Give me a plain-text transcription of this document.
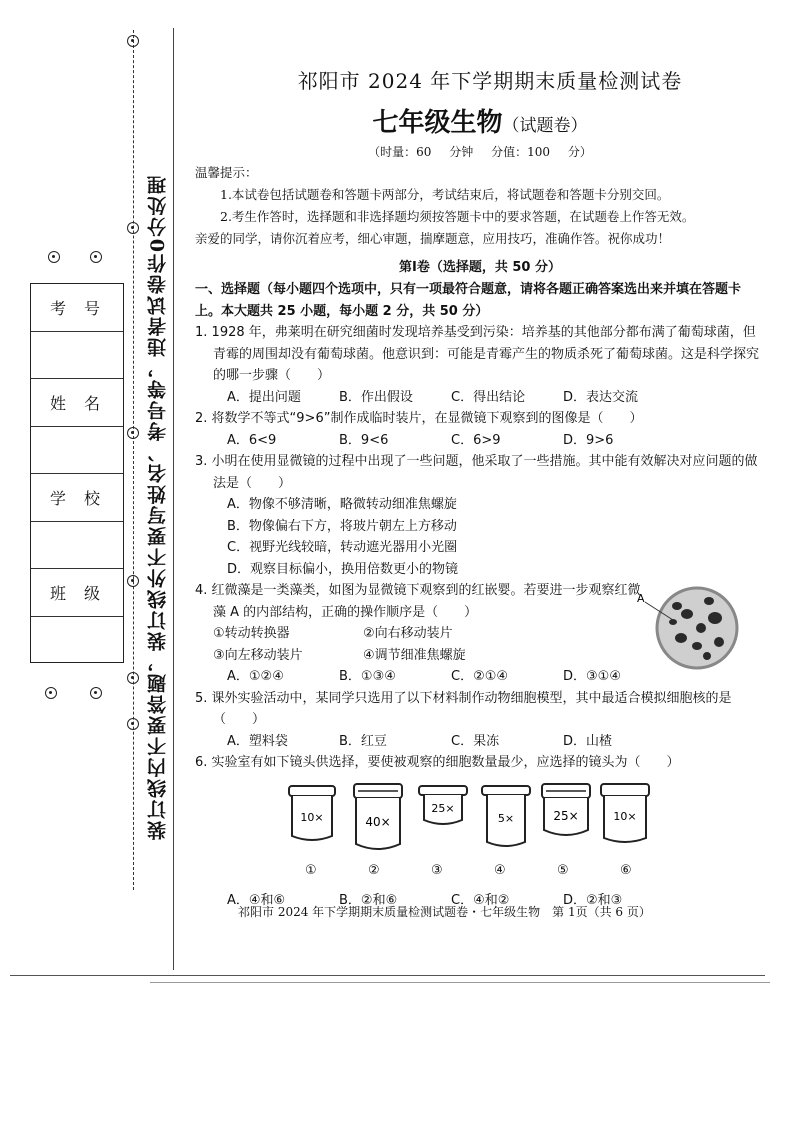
装订线内不要答题，装订线外不要写姓名、考号等，违者试卷作0分处理
考号
姓名
学校
班级
祁阳市 2024 年下学期期末质量检测试卷
七年级生物（试题卷）
（时量：60 分钟 分值：100 分）
温馨提示：
1.本试卷包括试题卷和答题卡两部分，考试结束后，将试题卷和答题卡分别交回。
2.考生作答时，选择题和非选择题均须按答题卡中的要求答题，在试题卷上作答无效。
亲爱的同学，请你沉着应考，细心审题，揣摩题意，应用技巧，准确作答。祝你成功！
第Ⅰ卷（选择题，共 50 分）
一、选择题（每小题四个选项中，只有一项最符合题意，请将各题正确答案选出来并填在答题卡上。本大题共 25 小题，每小题 2 分，共 50 分）
1. 1928 年，弗莱明在研究细菌时发现培养基受到污染：培养基的其他部分都布满了葡萄球菌，但青霉的周围却没有葡萄球菌。他意识到：可能是青霉产生的物质杀死了葡萄球菌。这是科学探究的哪一步骤（　　）
A．提出问题	B．作出假设	C．得出结论	D．表达交流
2. 将数学不等式“9>6”制作成临时装片，在显微镜下观察到的图像是（　　）
A．6<9	B．9<6	C．6>9	D．9>6
3. 小明在使用显微镜的过程中出现了一些问题，他采取了一些措施。其中能有效解决对应问题的做法是（　　）
A．物像不够清晰，略微转动细准焦螺旋
B．物像偏右下方，将玻片朝左上方移动
C．视野光线较暗，转动遮光器用小光圈
D．观察目标偏小，换用倍数更小的物镜
4. 红微藻是一类藻类，如图为显微镜下观察到的红嵌婴。若要进一步观察红微藻 A 的内部结构，正确的操作顺序是（　　）
①转动转换器	②向右移动装片
③向左移动装片	④调节细准焦螺旋
A．①②④	B．①③④	C．②①④	D．③①④
A
5. 课外实验活动中，某同学只选用了以下材料制作动物细胞模型，其中最适合模拟细胞核的是（　　）
A．塑料袋	B．红豆	C．果冻	D．山楂
6. 实验室有如下镜头供选择，要使被观察的细胞数量最少，应选择的镜头为（　　）
10×	40×
25×
5×	25×	10×
①	②	③	④	⑤	⑥
A．④和⑥	B．②和⑥	C．④和②	D．②和③
祁阳市 2024 年下学期期末质量检测试题卷・七年级生物　第 1页（共 6 页）
